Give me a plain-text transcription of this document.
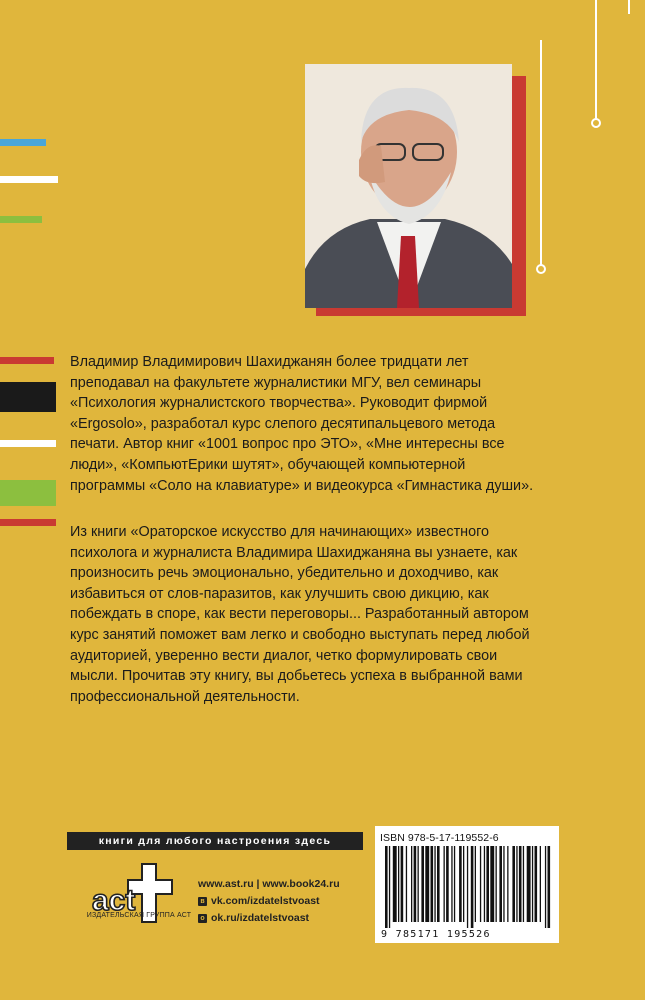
Владимир Владимирович Шахиджанян более тридцати лет преподавал на факультете журналистики МГУ, вел семинары «Психология журналистского творчества». Руководит фирмой «Ergosolo», разработал курс слепого десятипальцевого метода печати. Автор книг «1001 вопрос про ЭТО», «Мне интересны все люди», «КомпьютЕрики шутят», обучающей компьютерной программы «Соло на клавиатуре» и видеокурса «Гимнастика души».

Из книги «Ораторское искусство для начинающих» известного психолога и журналиста Владимира Шахиджаняна вы узнаете, как произносить речь эмоционально, убедительно и доходчиво, как избавиться от слов-паразитов, как улучшить свою дикцию, как побеждать в споре, как вести переговоры... Разработанный автором курс занятий поможет вам легко и свободно выступать перед любой аудиторией, уверенно вести диалог, четко формулировать свои мысли. Прочитав эту книгу, вы добьетесь успеха в выбранной вами профессиональной деятельности.

книги для любого настроения здесь
act
ИЗДАТЕЛЬСКАЯ ГРУППА АСТ
www.ast.ru | www.book24.ru
в vk.com/izdatelstvoast
о ok.ru/izdatelstvoast
ISBN 978-5-17-119552-6
9 785171 195526
